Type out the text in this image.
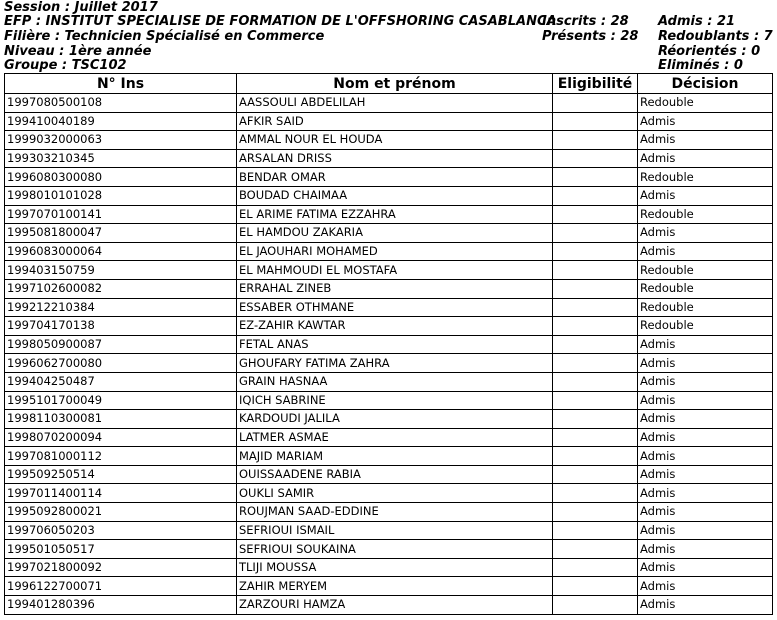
Session : Juillet 2017
EFP : INSTITUT SPECIALISE DE FORMATION DE L'OFFSHORING CASABLANCA
Filière : Technicien Spécialisé en Commerce
Niveau : 1ère année
Groupe : TSC102
Inscrits : 28
Présents : 28
Admis : 21
Redoublants : 7
Réorientés : 0
Eliminés : 0
N° Ins	Nom et prénom	Eligibilité	Décision
1997080500108	AASSOULI ABDELILAH		Redouble
199410040189	AFKIR SAID		Admis
1999032000063	AMMAL NOUR EL HOUDA		Admis
199303210345	ARSALAN DRISS		Admis
1996080300080	BENDAR OMAR		Redouble
1998010101028	BOUDAD CHAIMAA		Admis
1997070100141	EL ARIME FATIMA EZZAHRA		Redouble
1995081800047	EL HAMDOU ZAKARIA		Admis
1996083000064	EL JAOUHARI MOHAMED		Admis
199403150759	EL MAHMOUDI EL MOSTAFA		Redouble
1997102600082	ERRAHAL ZINEB		Redouble
199212210384	ESSABER OTHMANE		Redouble
199704170138	EZ-ZAHIR KAWTAR		Redouble
1998050900087	FETAL ANAS		Admis
1996062700080	GHOUFARY FATIMA ZAHRA		Admis
199404250487	GRAIN HASNAA		Admis
1995101700049	IQICH SABRINE		Admis
1998110300081	KARDOUDI JALILA		Admis
1998070200094	LATMER ASMAE		Admis
1997081000112	MAJID MARIAM		Admis
199509250514	OUISSAADENE RABIA		Admis
1997011400114	OUKLI SAMIR		Admis
1995092800021	ROUJMAN SAAD-EDDINE		Admis
199706050203	SEFRIOUI ISMAIL		Admis
199501050517	SEFRIOUI SOUKAINA		Admis
1997021800092	TLIJI MOUSSA		Admis
1996122700071	ZAHIR MERYEM		Admis
199401280396	ZARZOURI HAMZA		Admis
